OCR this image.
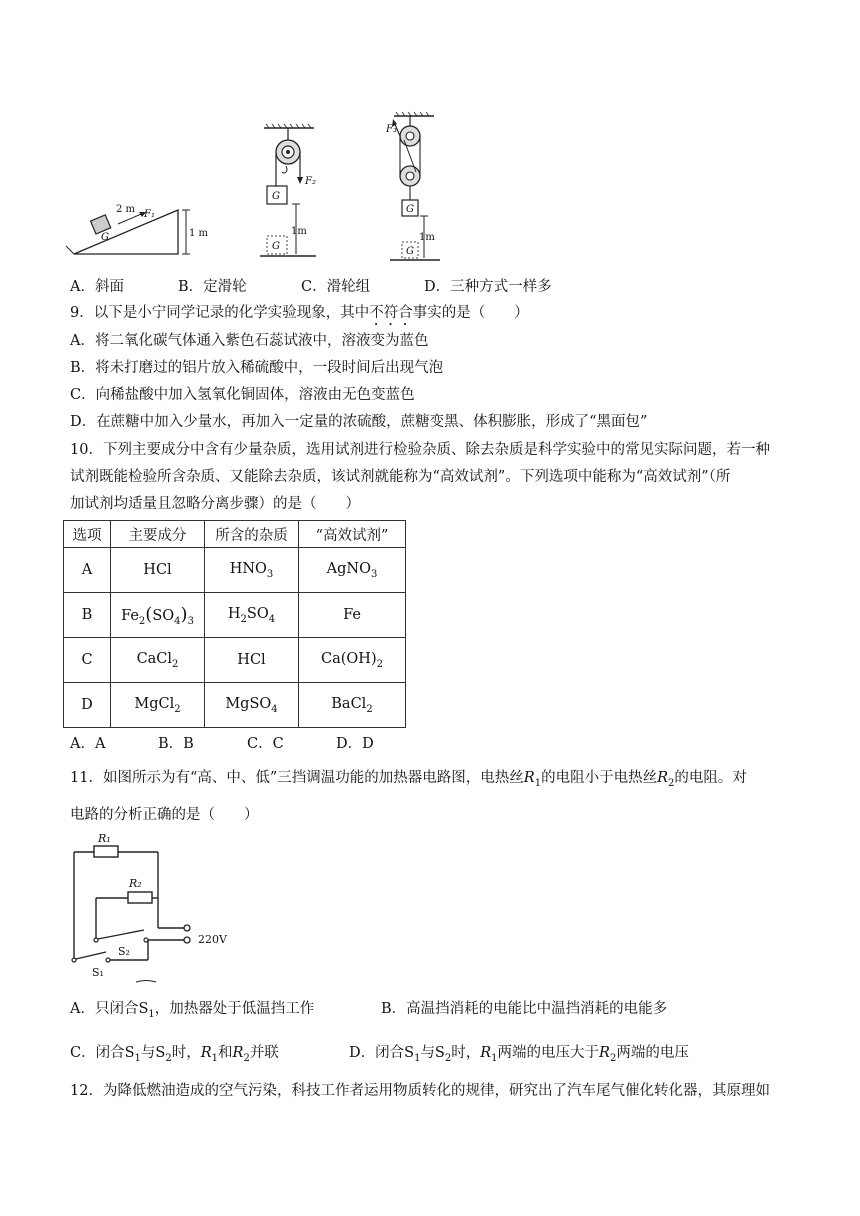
G
F₁
2 m
1 m
F₂
G
1m
G
F₃
G
1m
G
A．斜面	B．定滑轮	C．滑轮组	D．三种方式一样多
9．以下是小宁同学记录的化学实验现象，其中不符合事实的是（　　）
A．将二氧化碳气体通入紫色石蕊试液中，溶液变为蓝色
B．将未打磨过的铝片放入稀硫酸中，一段时间后出现气泡
C．向稀盐酸中加入氢氧化铜固体，溶液由无色变蓝色
D．在蔗糖中加入少量水，再加入一定量的浓硫酸，蔗糖变黑、体积膨胀，形成了“黑面包”
10．下列主要成分中含有少量杂质，选用试剂进行检验杂质、除去杂质是科学实验中的常见实际问题，若一种
试剂既能检验所含杂质、又能除去杂质，该试剂就能称为“高效试剂”。下列选项中能称为“高效试剂”（所
加试剂均适量且忽略分离步骤）的是（　　）
选项	主要成分	所含的杂质	“高效试剂”
A	HCl	$HNO_3$	AgNO$_3$
B	$Fe_2(SO_4)_3$	$H_2SO_4$	Fe
C	CaCl$_2$	HCl	$Ca(OH)_2$
D	MgCl$_2$	MgSO$_4$	BaCl$_2$
A．A	B．B	C．C	D．D
11．如图所示为有“高、中、低”三挡调温功能的加热器电路图，电热丝$R_1$的电阻小于电热丝$R_2$的电阻。对
电路的分析正确的是（　　）
R₁
R₂
S₂
220V
S₁
A．只闭合$S_1$，加热器处于低温挡工作	B．高温挡消耗的电能比中温挡消耗的电能多
C．闭合$S_1$与$S_2$时，$R_1$和$R_2$并联	D．闭合$S_1$与$S_2$时，$R_1$两端的电压大于$R_2$两端的电压
12．为降低燃油造成的空气污染，科技工作者运用物质转化的规律，研究出了汽车尾气催化转化器，其原理如
